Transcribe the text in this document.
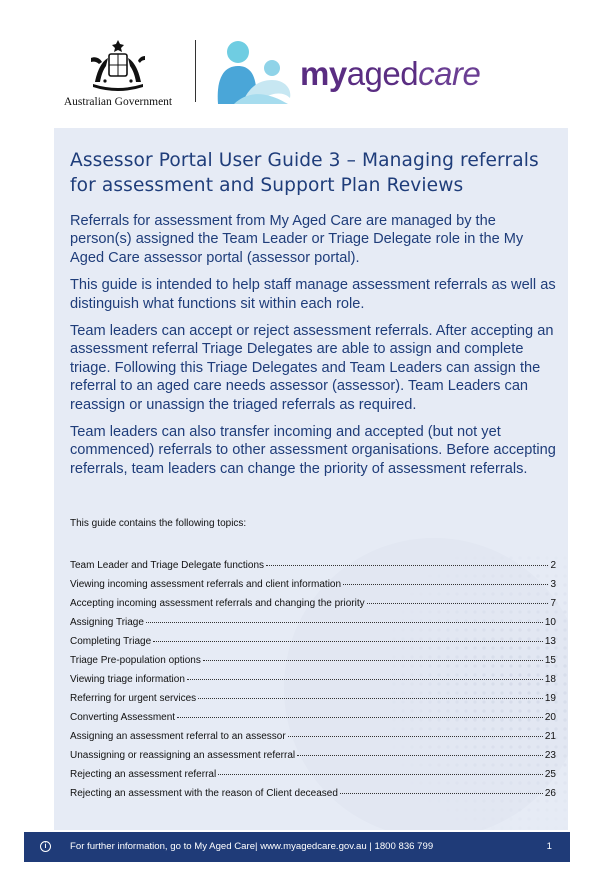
Australian Government
myagedcare
Assessor Portal User Guide 3 – Managing referrals for assessment and Support Plan Reviews

Referrals for assessment from My Aged Care are managed by the person(s) assigned the Team Leader or Triage Delegate role in the My Aged Care assessor portal (assessor portal).

This guide is intended to help staff manage assessment referrals as well as distinguish what functions sit within each role.

Team leaders can accept or reject assessment referrals. After accepting an assessment referral Triage Delegates are able to assign and complete triage. Following this Triage Delegates and Team Leaders can assign the referral to an aged care needs assessor (assessor). Team Leaders can reassign or unassign the triaged referrals as required.

Team leaders can also transfer incoming and accepted (but not yet commenced) referrals to other assessment organisations. Before accepting referrals, team leaders can change the priority of assessment referrals.

This guide contains the following topics:
Team Leader and Triage Delegate functions	2
Viewing incoming assessment referrals and client information	3
Accepting incoming assessment referrals and changing the priority	7
Assigning Triage	10
Completing Triage	13
Triage Pre-population options	15
Viewing triage information	18
Referring for urgent services	19
Converting Assessment	20
Assigning an assessment referral to an assessor	21
Unassigning or reassigning an assessment referral	23
Rejecting an assessment referral	25
Rejecting an assessment with the reason of Client deceased	26
i	For further information, go to My Aged Care| www.myagedcare.gov.au | 1800 836 799	1
